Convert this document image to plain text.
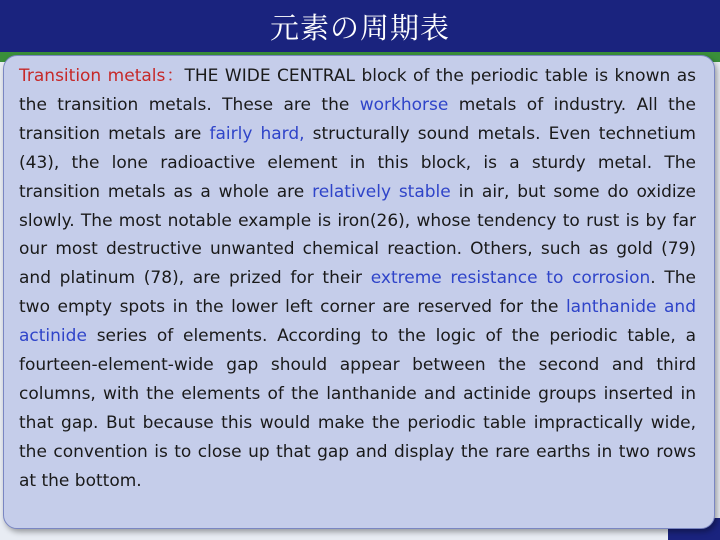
元素の周期表

Transition metals：THE WIDE CENTRAL block of the periodic table is known as the transition metals. These are the workhorse metals of industry. All the transition metals are fairly hard, structurally sound metals. Even technetium (43), the lone radioactive element in this block, is a sturdy metal. The transition metals as a whole are relatively stable in air, but some do oxidize slowly. The most notable example is iron(26), whose tendency to rust is by far our most destructive unwanted chemical reaction. Others, such as gold (79) and platinum (78), are prized for their extreme resistance to corrosion. The two empty spots in the lower left corner are reserved for the lanthanide and actinide series of elements. According to the logic of the periodic table, a fourteen-element-wide gap should appear between the second and third columns, with the elements of the lanthanide and actinide groups inserted in that gap. But because this would make the periodic table impractically wide, the convention is to close up that gap and display the rare earths in two rows at the bottom.
